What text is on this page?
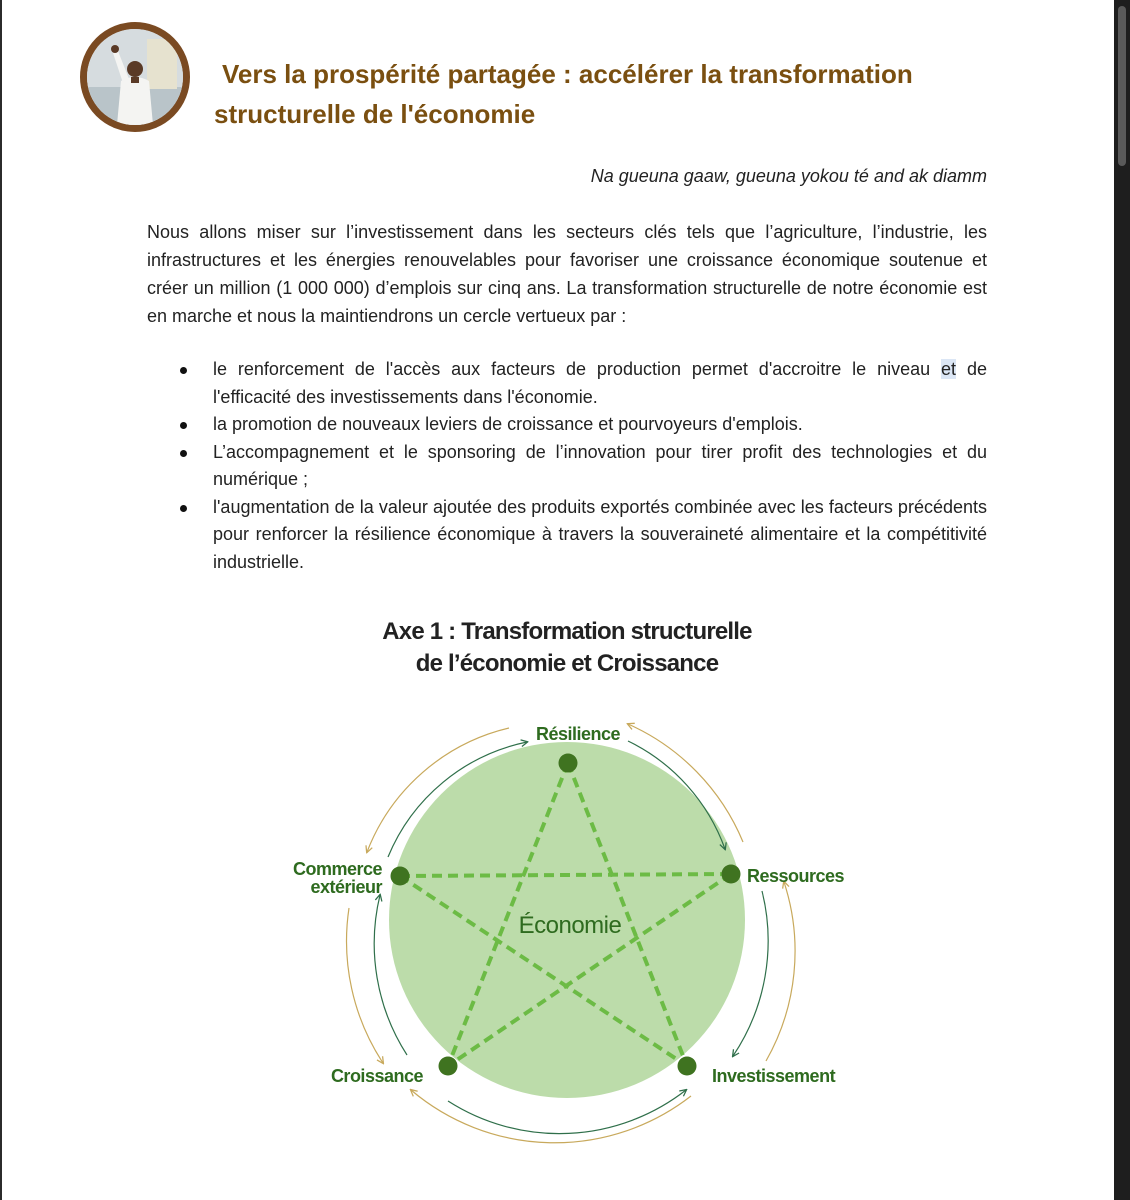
Vers la prospérité partagée : accélérer la transformation
structurelle de l'économie
Na gueuna gaaw, gueuna yokou té and ak diamm

Nous allons miser sur l’investissement dans les secteurs clés tels que l’agriculture, l’industrie, les infrastructures et les énergies renouvelables pour favoriser une croissance économique soutenue et créer un million (1 000 000) d’emplois sur cinq ans. La transformation structurelle de notre économie est en marche et nous la maintiendrons un cercle vertueux par :

le renforcement de l'accès aux facteurs de production permet d'accroitre le niveau et de l'efficacité des investissements dans l'économie.
la promotion de nouveaux leviers de croissance et pourvoyeurs d'emplois.
L’accompagnement et le sponsoring de l’innovation pour tirer profit des technologies et du numérique ;
l'augmentation de la valeur ajoutée des produits exportés combinée avec les facteurs précédents pour renforcer la résilience économique à travers la souveraineté alimentaire et la compétitivité industrielle.
Axe 1 : Transformation structurelle
de l’économie et Croissance
Économie
Résilience
Ressources
Investissement
Croissance
Commerce
extérieur
